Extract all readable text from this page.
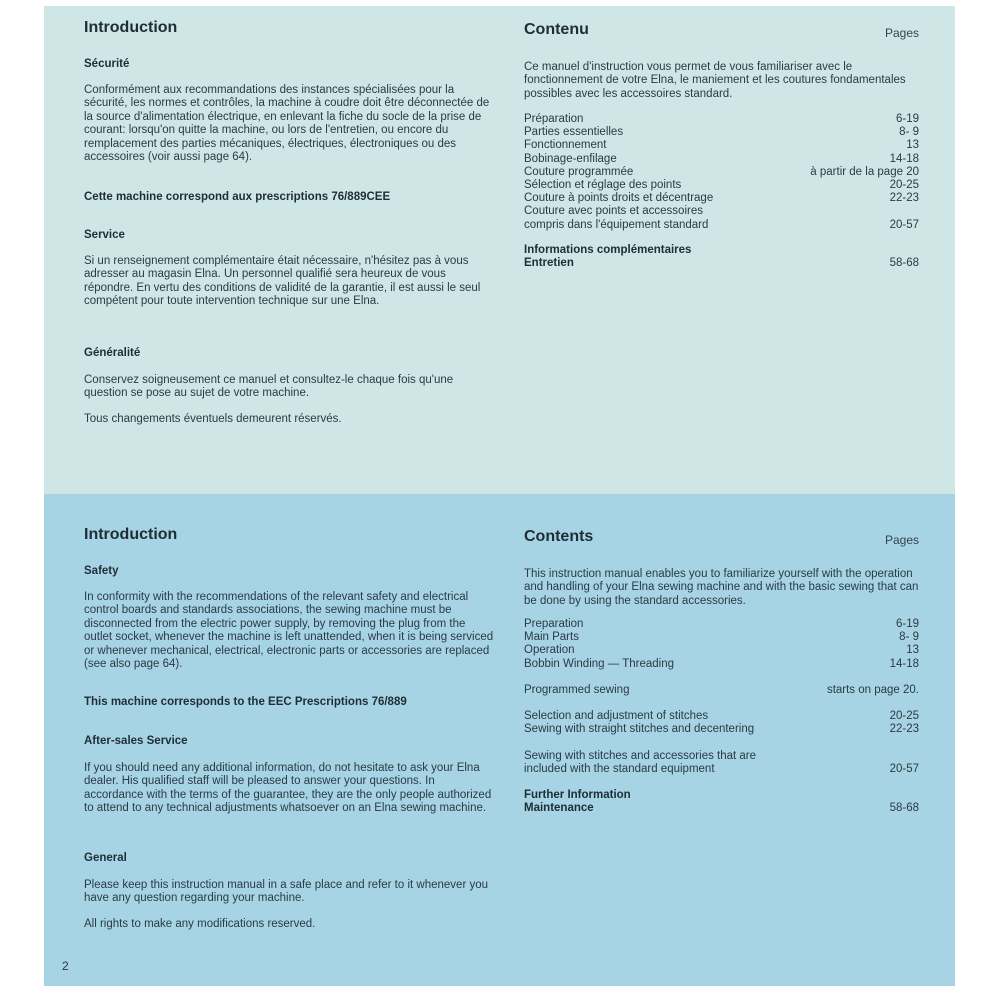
Introduction
Sécurité
Conformément aux recommandations des instances spécialisées pour la sécurité, les normes et contrôles, la machine à coudre doit être déconnectée de la source d'alimentation électrique, en enlevant la fiche du socle de la prise de courant: lorsqu'on quitte la machine, ou lors de l'entretien, ou encore du remplacement des parties mécaniques, électriques, électroniques ou des accessoires (voir aussi page 64).
Cette machine correspond aux prescriptions 76/889CEE
Service
Si un renseignement complémentaire était nécessaire, n'hésitez pas à vous adresser au magasin Elna. Un personnel qualifié sera heureux de vous répondre. En vertu des conditions de validité de la garantie, il est aussi le seul compétent pour toute intervention technique sur une Elna.
Généralité
Conservez soigneusement ce manuel et consultez-le chaque fois qu'une question se pose au sujet de votre machine.
Tous changements éventuels demeurent réservés.
Contenu	Pages
Ce manuel d'instruction vous permet de vous familiariser avec le fonctionnement de votre Elna, le maniement et les coutures fondamentales possibles avec les accessoires standard.
Préparation	6-19
Parties essentielles	8- 9
Fonctionnement	13
Bobinage-enfilage	14-18
Couture programmée	à partir de la page 20
Sélection et réglage des points	20-25
Couture à points droits et décentrage	22-23
Couture avec points et accessoires
compris dans l'équipement standard	20-57
Informations complémentaires
Entretien	58-68
Introduction
Safety
In conformity with the recommendations of the relevant safety and electrical control boards and standards associations, the sewing machine must be disconnected from the electric power supply, by removing the plug from the outlet socket, whenever the machine is left unattended, when it is being serviced or whenever mechanical, electrical, electronic parts or accessories are replaced (see also page 64).
This machine corresponds to the EEC Prescriptions 76/889
After-sales Service
If you should need any additional information, do not hesitate to ask your Elna dealer. His qualified staff will be pleased to answer your questions. In accordance with the terms of the guarantee, they are the only people authorized to attend to any technical adjustments whatsoever on an Elna sewing machine.
General
Please keep this instruction manual in a safe place and refer to it whenever you have any question regarding your machine.
All rights to make any modifications reserved.
Contents	Pages
This instruction manual enables you to familiarize yourself with the operation and handling of your Elna sewing machine and with the basic sewing that can be done by using the standard accessories.
Preparation	6-19
Main Parts	8- 9
Operation	13
Bobbin Winding — Threading	14-18
Programmed sewing	starts on page 20.
Selection and adjustment of stitches	20-25
Sewing with straight stitches and decentering	22-23
Sewing with stitches and accessories that are
included with the standard equipment	20-57
Further Information
Maintenance	58-68
2
